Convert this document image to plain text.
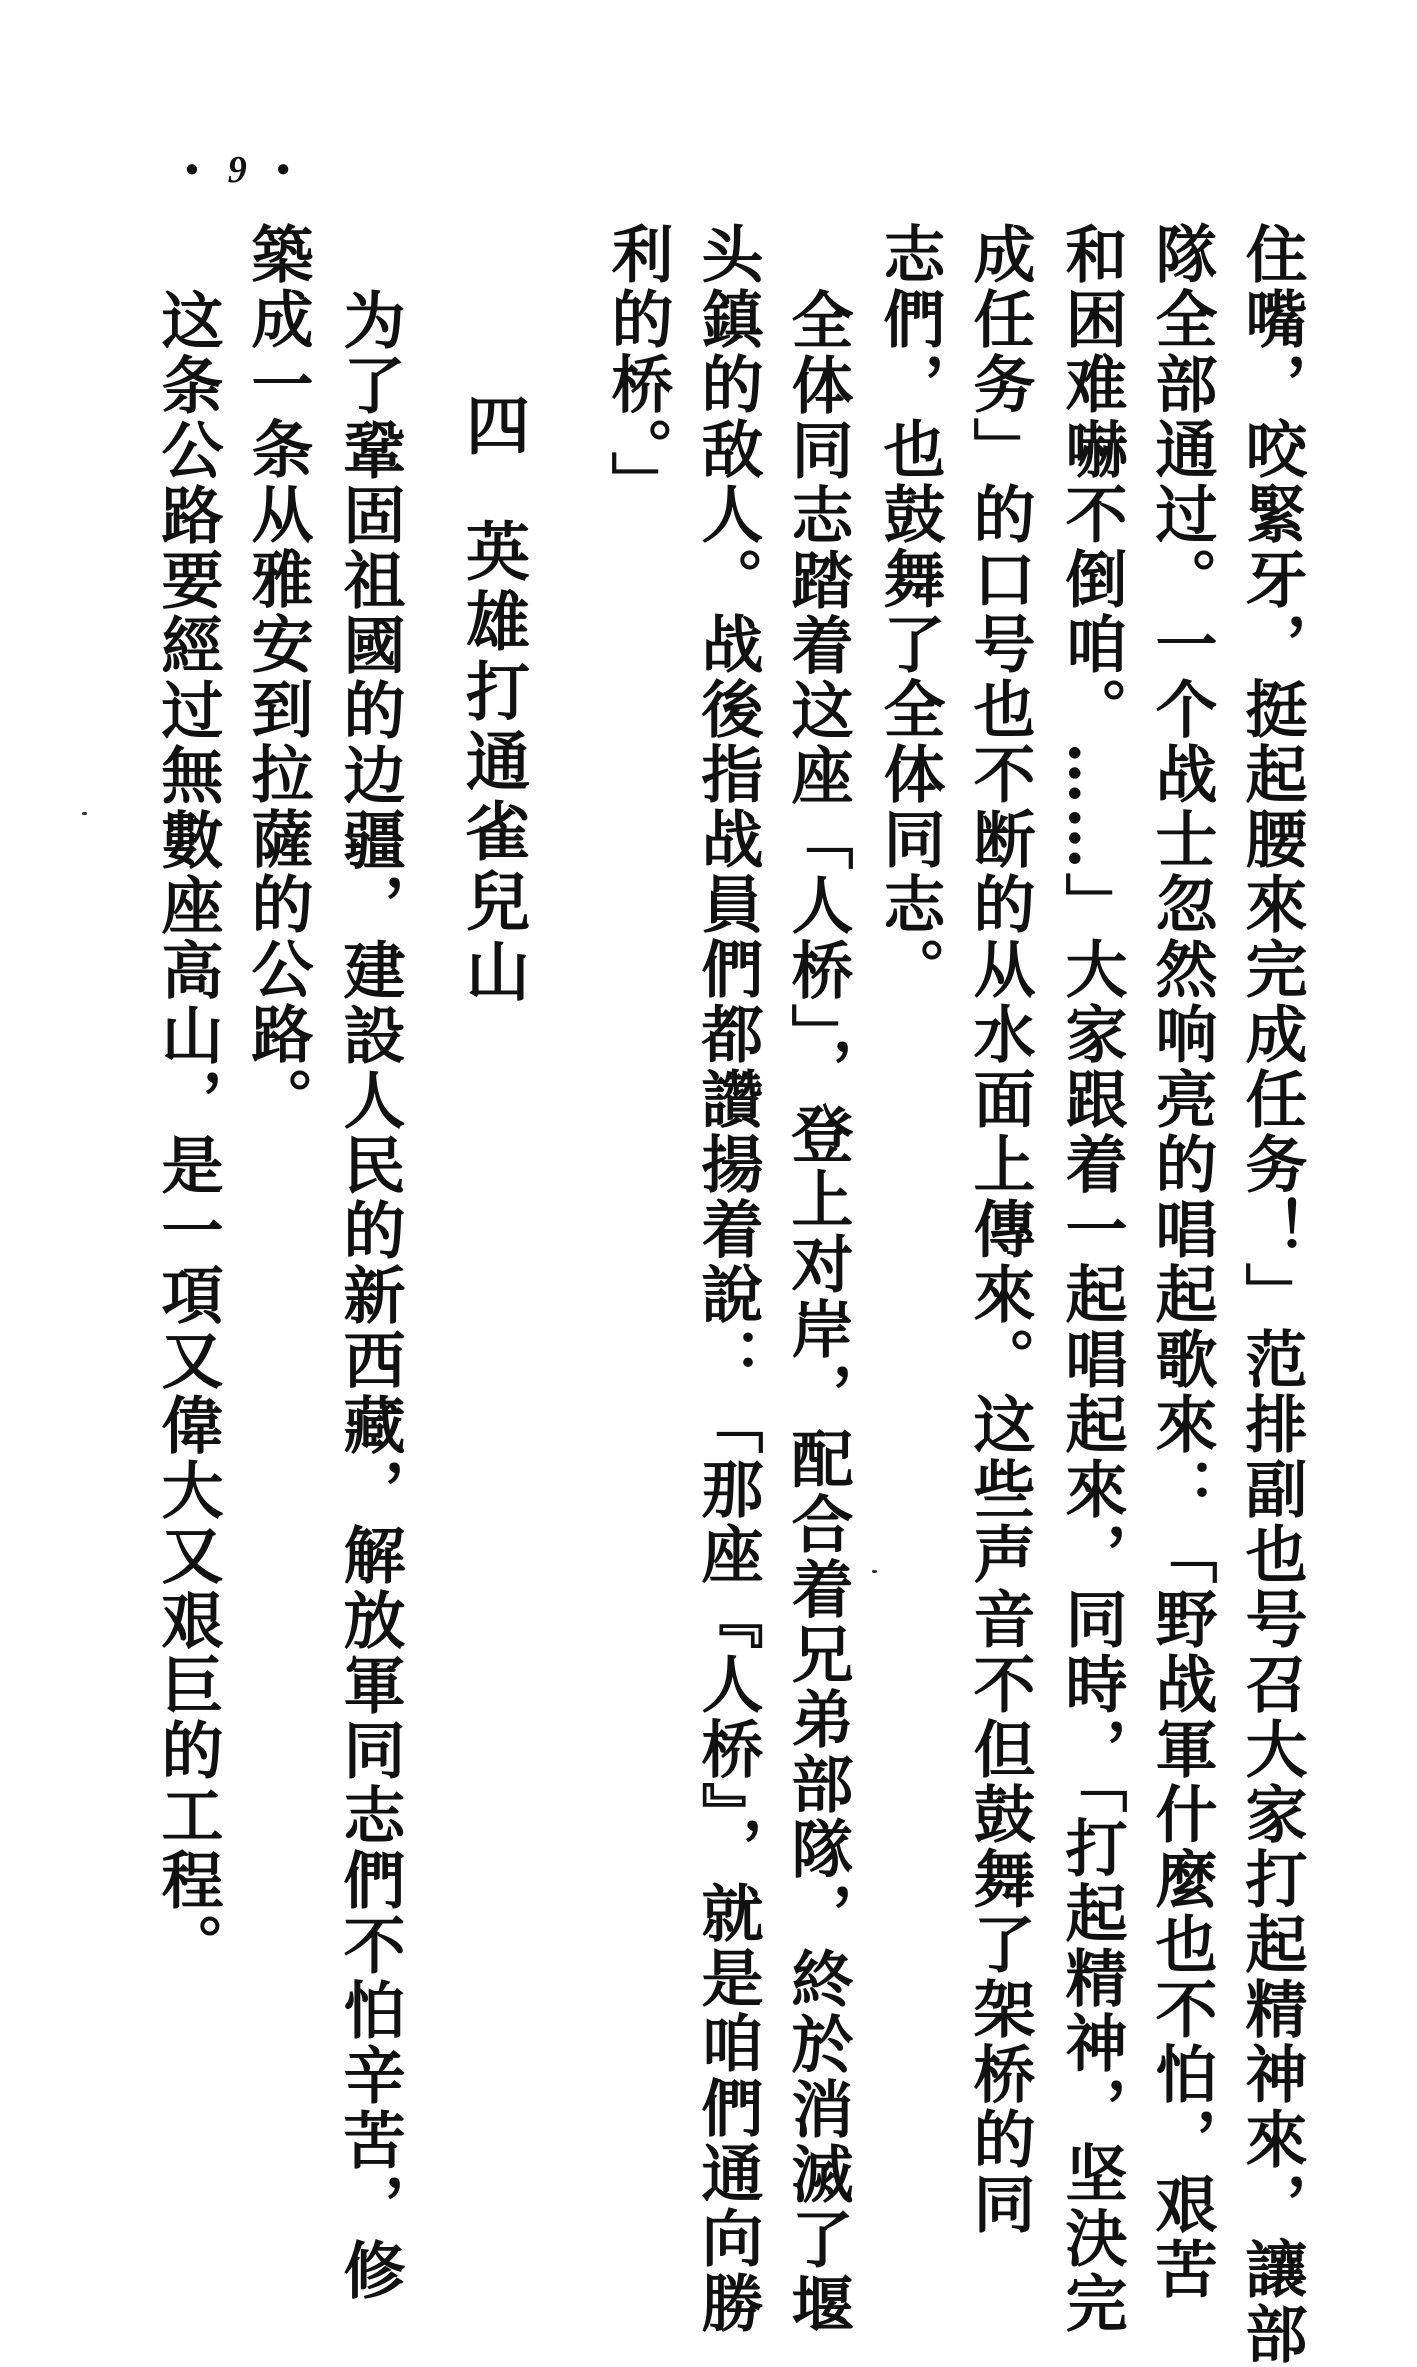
• 9 •
住嘴，咬緊牙，挺起腰來完成任务！」范排副也号召大家打起精神來，讓部
隊全部通过。一个战士忽然响亮的唱起歌來：「野战軍什麼也不怕，艰苦
和困难嚇不倒咱。……」大家跟着一起唱起來，同時，「打起精神，坚決完
成任务」的口号也不断的从水面上傳來。这些声音不但鼓舞了架桥的同
志們，也鼓舞了全体同志。
全体同志踏着这座「人桥」，登上对岸，配合着兄弟部隊，終於消滅了堰
头鎮的敌人。战後指战員們都讚揚着說：「那座『人桥』，就是咱們通向勝
利的桥。」
四
英雄打通雀兒山
为了鞏固祖國的边疆，建設人民的新西藏，解放軍同志們不怕辛苦，修
築成一条从雅安到拉薩的公路。
这条公路要經过無數座高山，是一項又偉大又艰巨的工程。
